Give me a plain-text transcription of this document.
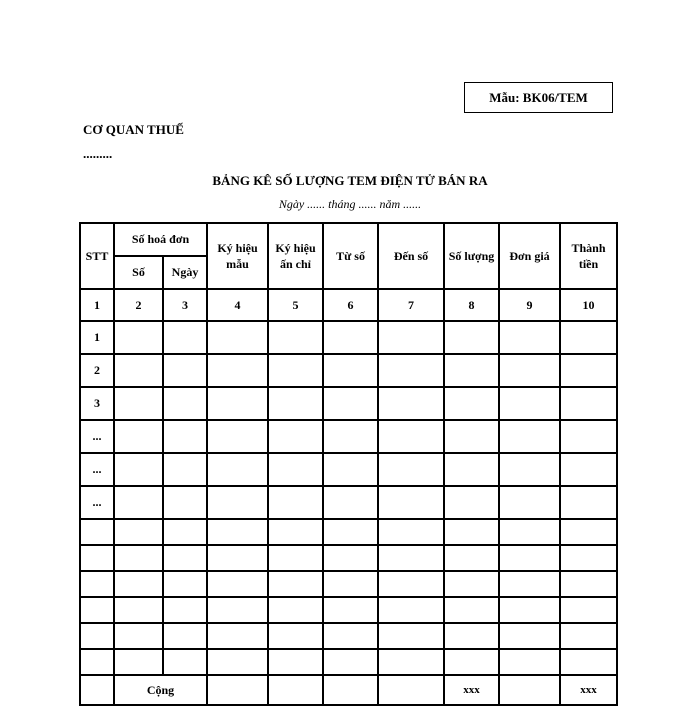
Mẫu: BK06/TEM
CƠ QUAN THUẾ
.........
BẢNG KÊ SỐ LƯỢNG TEM ĐIỆN TỬ BÁN RA
Ngày ...... tháng ...... năm ......
STT	Số hoá đơn		Ký hiệu mẫu	Ký hiệu ấn chỉ	Từ số	Đến số	Số lượng	Đơn giá	Thành tiền
	Số	Ngày							
1	2	3	4	5	6	7	8	9	10
1									
2									
3									
...									
...									
...									

	Cộng						xxx		xxx
